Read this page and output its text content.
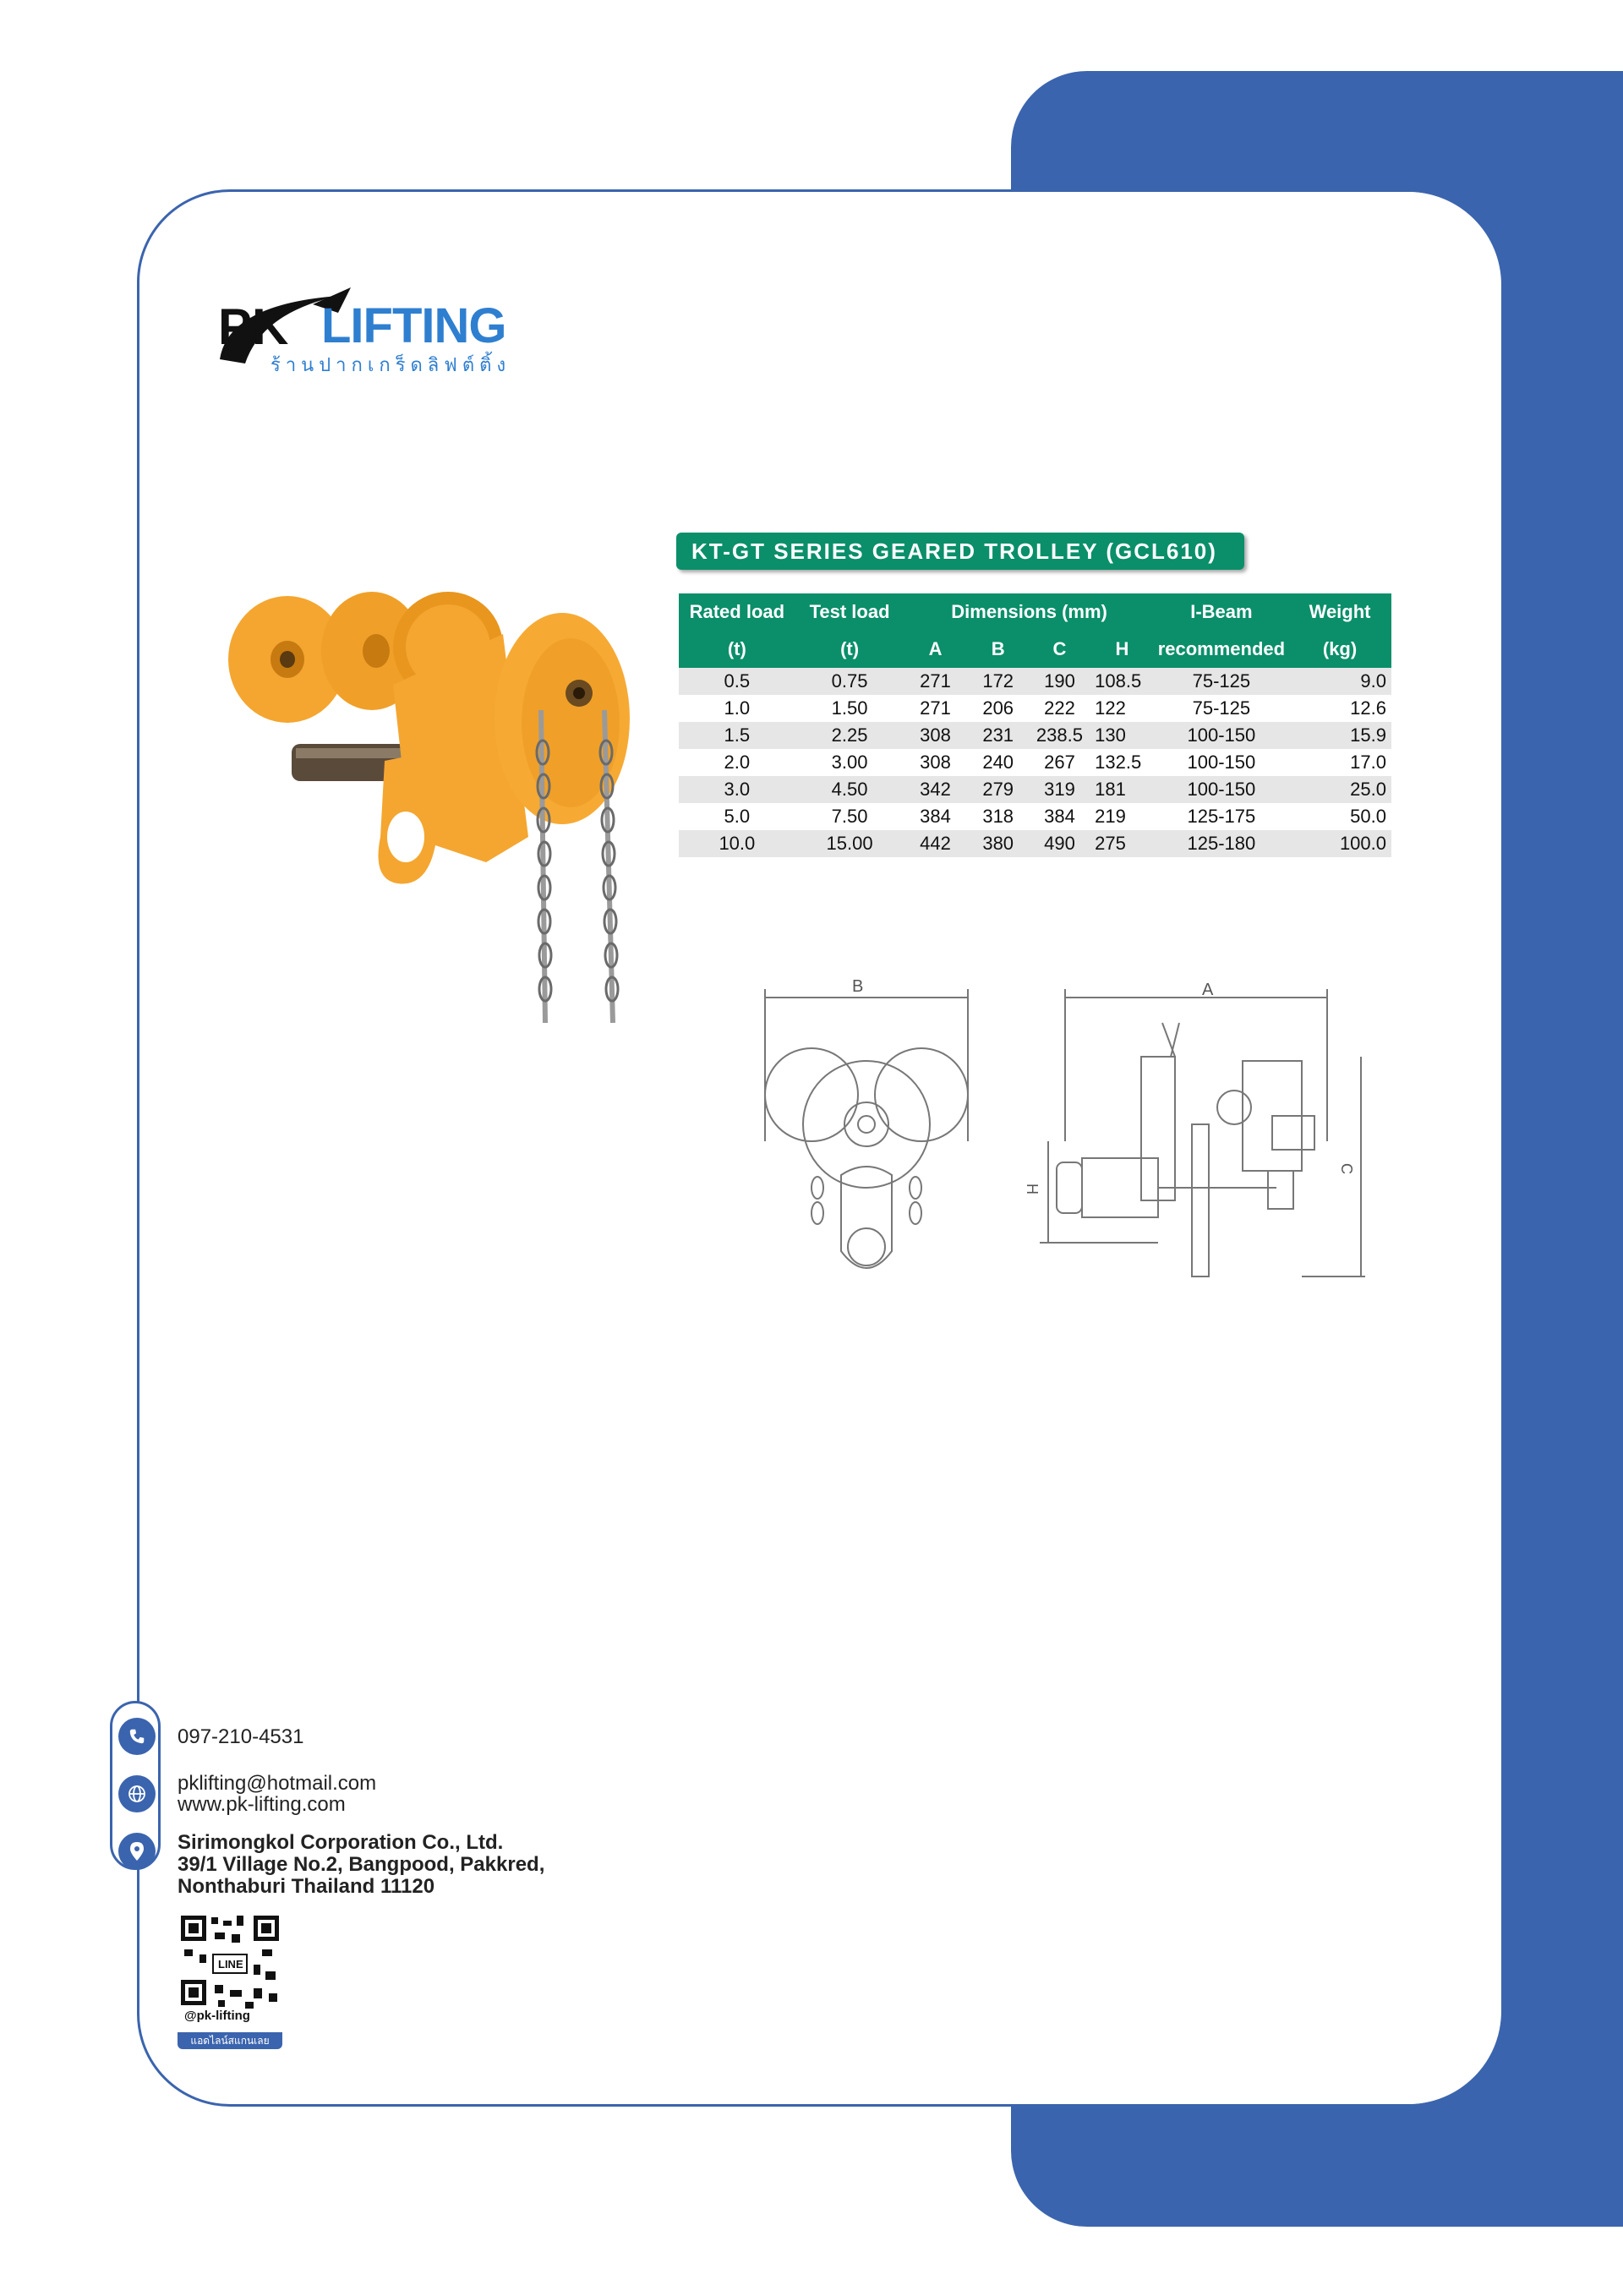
PK LIFTING
ร้านปากเกร็ดลิฟต์ติ้ง
KT-GT SERIES GEARED TROLLEY (GCL610)
Rated load	Test load	Dimensions (mm)				I-Beam	Weight
(t)	(t)	A	B	C	H	recommended	(kg)
0.5	0.75	271	172	190	108.5	75-125	9.0
1.0	1.50	271	206	222	122	75-125	12.6
1.5	2.25	308	231	238.5	130	100-150	15.9
2.0	3.00	308	240	267	132.5	100-150	17.0
3.0	4.50	342	279	319	181	100-150	25.0
5.0	7.50	384	318	384	219	125-175	50.0
10.0	15.00	442	380	490	275	125-180	100.0
B	A
H
C
097-210-4531
pklifting@hotmail.com
www.pk-lifting.com
Sirimongkol Corporation Co., Ltd.
39/1 Village No.2, Bangpood, Pakkred,
Nonthaburi Thailand 11120
LINE
@pk-lifting
แอดไลน์สแกนเลย
